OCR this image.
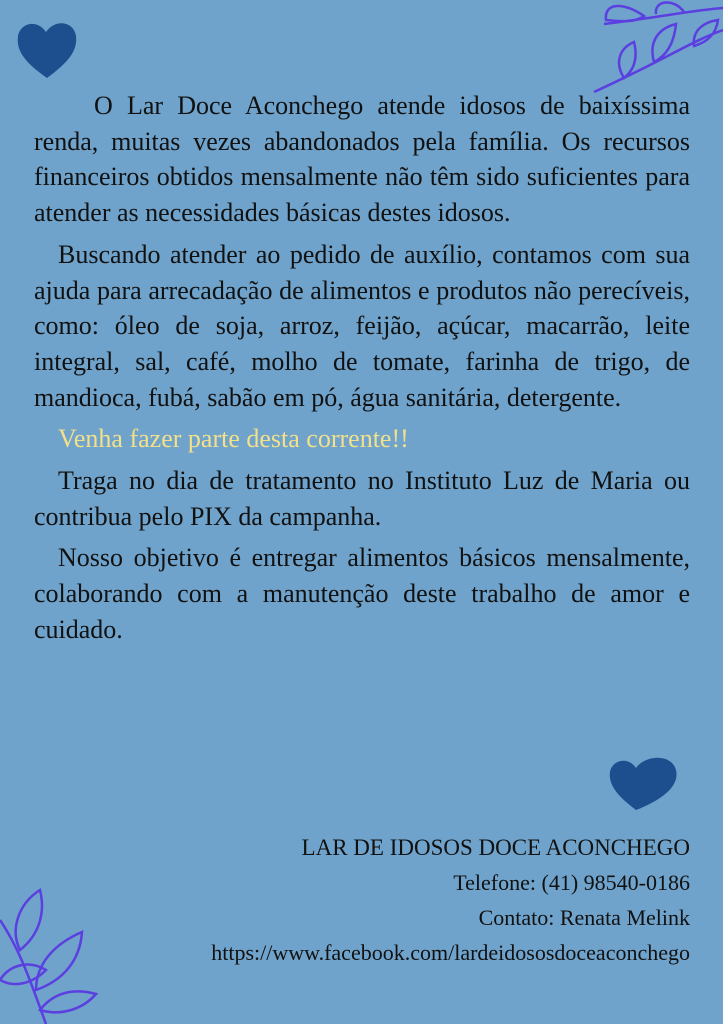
O Lar Doce Aconchego atende idosos de baixíssima renda, muitas vezes abandonados pela família. Os recursos financeiros obtidos mensalmente não têm sido suficientes para atender as necessidades básicas destes idosos.

Buscando atender ao pedido de auxílio, contamos com sua ajuda para arrecadação de alimentos e produtos não perecíveis, como: óleo de soja, arroz, feijão, açúcar, macarrão, leite integral, sal, café, molho de tomate, farinha de trigo, de mandioca, fubá, sabão em pó, água sanitária, detergente.

Venha fazer parte desta corrente!!

Traga no dia de tratamento no Instituto Luz de Maria ou contribua pelo PIX da campanha.

Nosso objetivo é entregar alimentos básicos mensalmente, colaborando com a manutenção deste trabalho de amor e cuidado.

LAR DE IDOSOS DOCE ACONCHEGO
Telefone: (41) 98540-0186
Contato: Renata Melink
https://www.facebook.com/lardeidososdoceaconchego
